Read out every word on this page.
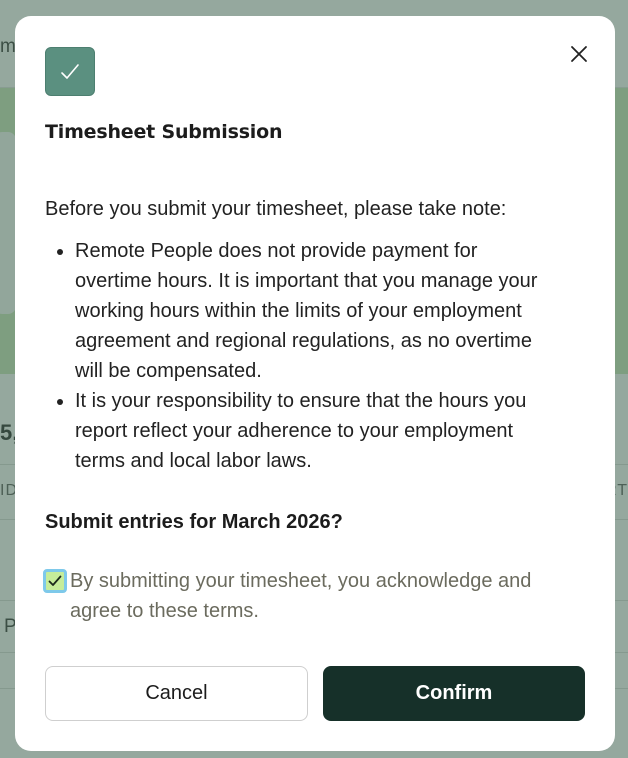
Timesheet Submission
Before you submit your timesheet, please take note:
• Remote People does not provide payment for overtime hours. It is important that you manage your working hours within the limits of your employment agreement and regional regulations, as no overtime will be compensated.
• It is your responsibility to ensure that the hours you report reflect your adherence to your employment terms and local labor laws.
Submit entries for March 2026?
By submitting your timesheet, you acknowledge and agree to these terms.
Cancel	Confirm
